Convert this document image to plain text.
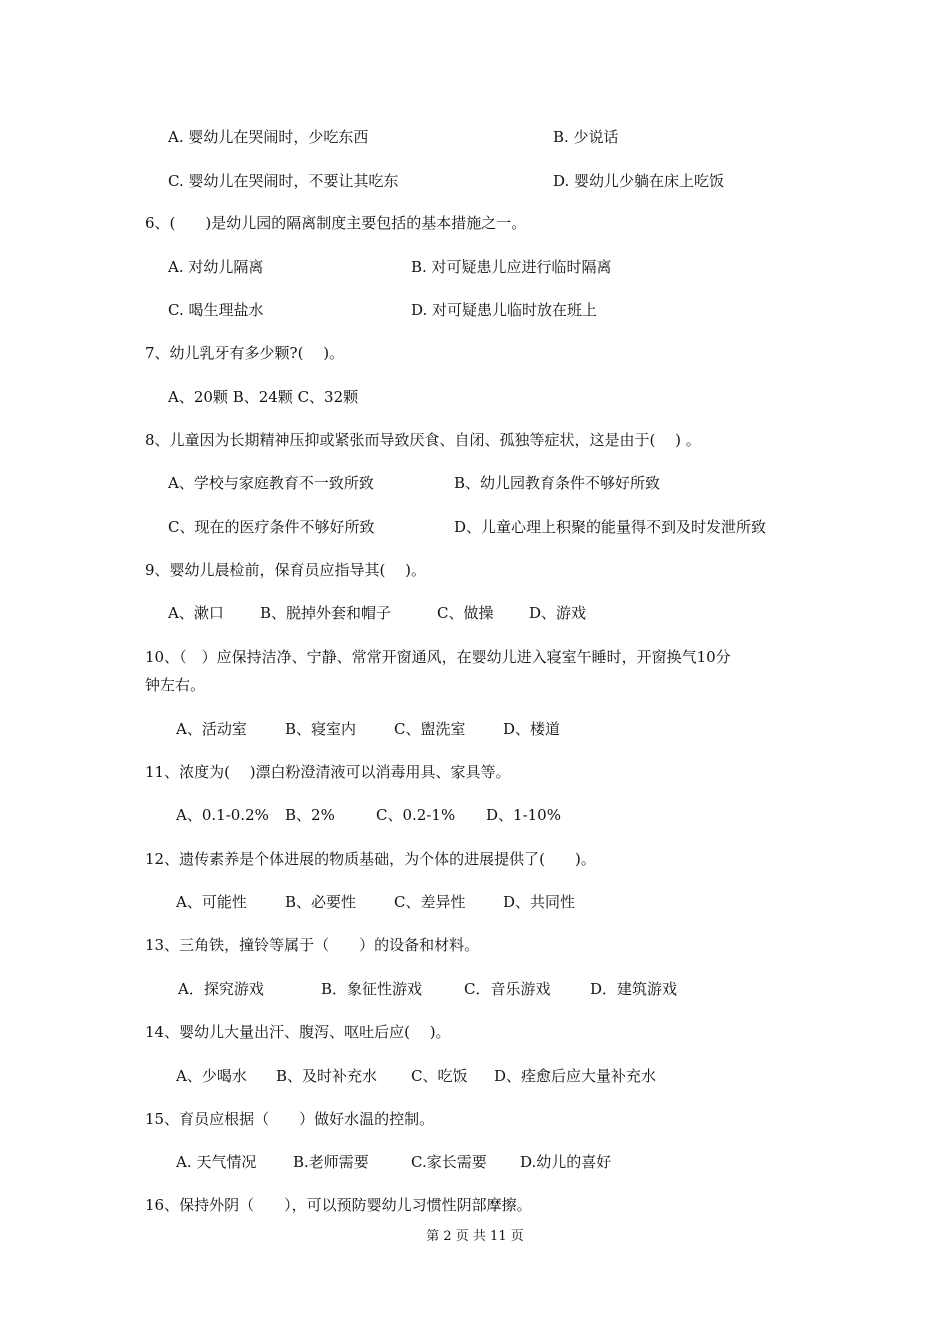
A. 婴幼儿在哭闹时，少吃东西	B. 少说话
C. 婴幼儿在哭闹时，不要让其吃东	D. 婴幼儿少躺在床上吃饭
6、(　　)是幼儿园的隔离制度主要包括的基本措施之一。
A. 对幼儿隔离	B. 对可疑患儿应进行临时隔离
C. 喝生理盐水	D. 对可疑患儿临时放在班上
7、幼儿乳牙有多少颗?(　 )。
A、20颗 B、24颗 C、32颗
8、儿童因为长期精神压抑或紧张而导致厌食、自闭、孤独等症状，这是由于(　 ) 。
A、学校与家庭教育不一致所致	B、幼儿园教育条件不够好所致
C、现在的医疗条件不够好所致	D、儿童心理上积聚的能量得不到及时发泄所致
9、婴幼儿晨检前，保育员应指导其(　 )。
A、漱口 B、脱掉外套和帽子	C、做操 D、游戏
10、（　）应保持洁净、宁静、常常开窗通风，在婴幼儿进入寝室午睡时，开窗换气10分
钟左右。
A、活动室	B、寝室内	C、盥洗室	D、楼道
11、浓度为(　 )漂白粉澄清液可以消毒用具、家具等。
A、0.1-0.2% B、2%	C、0.2-1% D、1-10%
12、遗传素养是个体进展的物质基础，为个体的进展提供了(　　)。
A、可能性	B、必要性	C、差异性	D、共同性
13、三角铁，撞铃等属于（　　）的设备和材料。
A．探究游戏	B．象征性游戏	C．音乐游戏	D．建筑游戏
14、婴幼儿大量出汗、腹泻、呕吐后应(　 )。
A、少喝水 B、及时补充水 C、吃饭 D、痊愈后应大量补充水
15、育员应根据（　　）做好水温的控制。
A. 天气情况 B.老师需要	C.家长需要 D.幼儿的喜好
16、保持外阴（　　），可以预防婴幼儿习惯性阴部摩擦。
第 2 页 共 11 页
